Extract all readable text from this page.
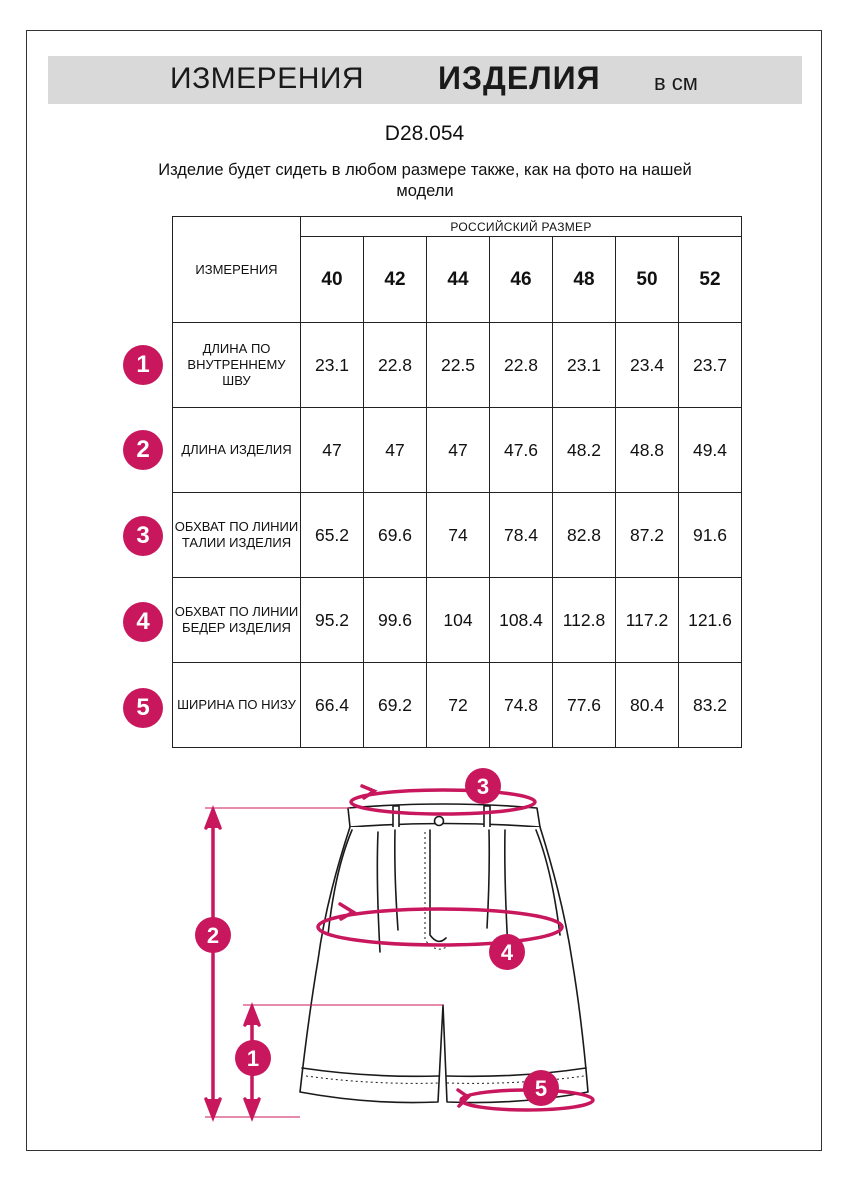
ИЗМЕРЕНИЯ ИЗДЕЛИЯ в см
D28.054
Изделие будет сидеть в любом размере также, как на фото на нашей модели
ИЗМЕРЕНИЯ	РОССИЙСКИЙ РАЗМЕР						
	40	42	44	46	48	50	52
ДЛИНА ПО ВНУТРЕННЕМУ ШВУ	23.1	22.8	22.5	22.8	23.1	23.4	23.7
ДЛИНА ИЗДЕЛИЯ	47	47	47	47.6	48.2	48.8	49.4
ОБХВАТ ПО ЛИНИИ ТАЛИИ ИЗДЕЛИЯ	65.2	69.6	74	78.4	82.8	87.2	91.6
ОБХВАТ ПО ЛИНИИ БЕДЕР ИЗДЕЛИЯ	95.2	99.6	104	108.4	112.8	117.2	121.6
ШИРИНА ПО НИЗУ	66.4	69.2	72	74.8	77.6	80.4	83.2
1
2
3
4
5
1
2
3
4
5
